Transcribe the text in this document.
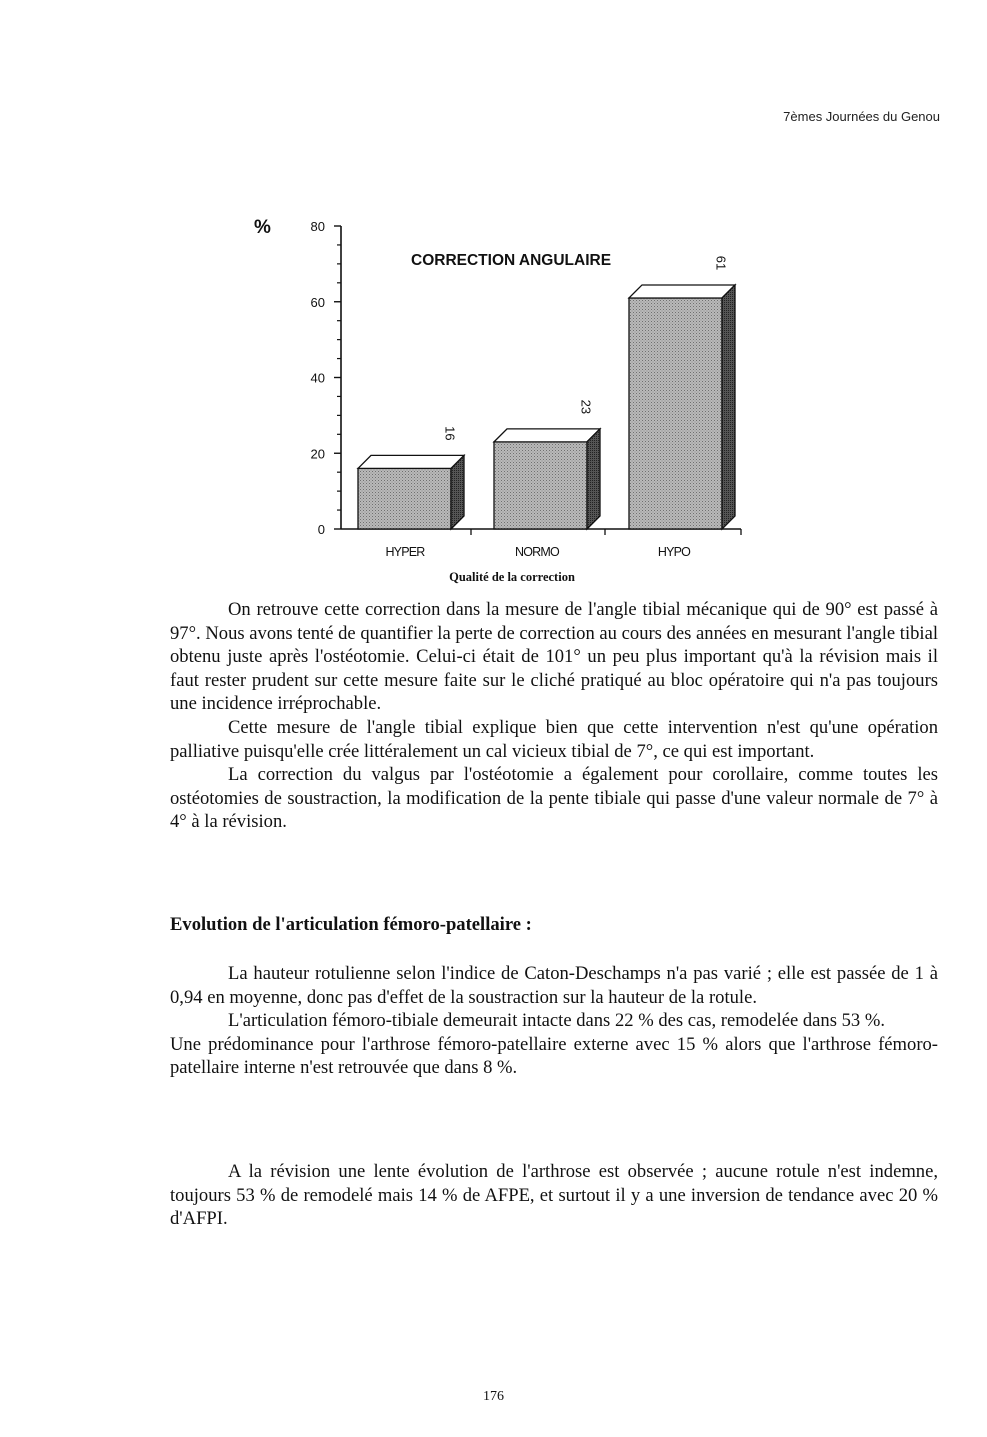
7èmes Journées du Genou
%
CORRECTION ANGULAIRE
0
20
40
60
80
16
HYPER
23
NORMO
61
HYPO
Qualité de la correction

On retrouve cette correction dans la mesure de l'angle tibial mécanique qui de 90° est passé à 97°. Nous avons tenté de quantifier la perte de correction au cours des années en mesurant l'angle tibial obtenu juste après l'ostéotomie. Celui-ci était de 101° un peu plus important qu'à la révision mais il faut rester prudent sur cette mesure faite sur le cliché pratiqué au bloc opératoire qui n'a pas toujours une incidence irréprochable.

Cette mesure de l'angle tibial explique bien que cette intervention n'est qu'une opération palliative puisqu'elle crée littéralement un cal vicieux tibial de 7°, ce qui est important.

La correction du valgus par l'ostéotomie a également pour corollaire, comme toutes les ostéotomies de soustraction, la modification de la pente tibiale qui passe d'une valeur normale de 7° à 4° à la révision.

Evolution de l'articulation fémoro-patellaire :

La hauteur rotulienne selon l'indice de Caton-Deschamps n'a pas varié ; elle est passée de 1 à 0,94 en moyenne, donc pas d'effet de la soustraction sur la hauteur de la rotule.

L'articulation fémoro-tibiale demeurait intacte dans 22 % des cas, remodelée dans 53 %.

Une prédominance pour l'arthrose fémoro-patellaire externe avec 15 % alors que l'arthrose fémoro-patellaire interne n'est retrouvée que dans 8 %.

A la révision une lente évolution de l'arthrose est observée ; aucune rotule n'est indemne, toujours 53 % de remodelé mais 14 % de AFPE, et surtout il y a une inversion de tendance avec 20 % d'AFPI.

176
